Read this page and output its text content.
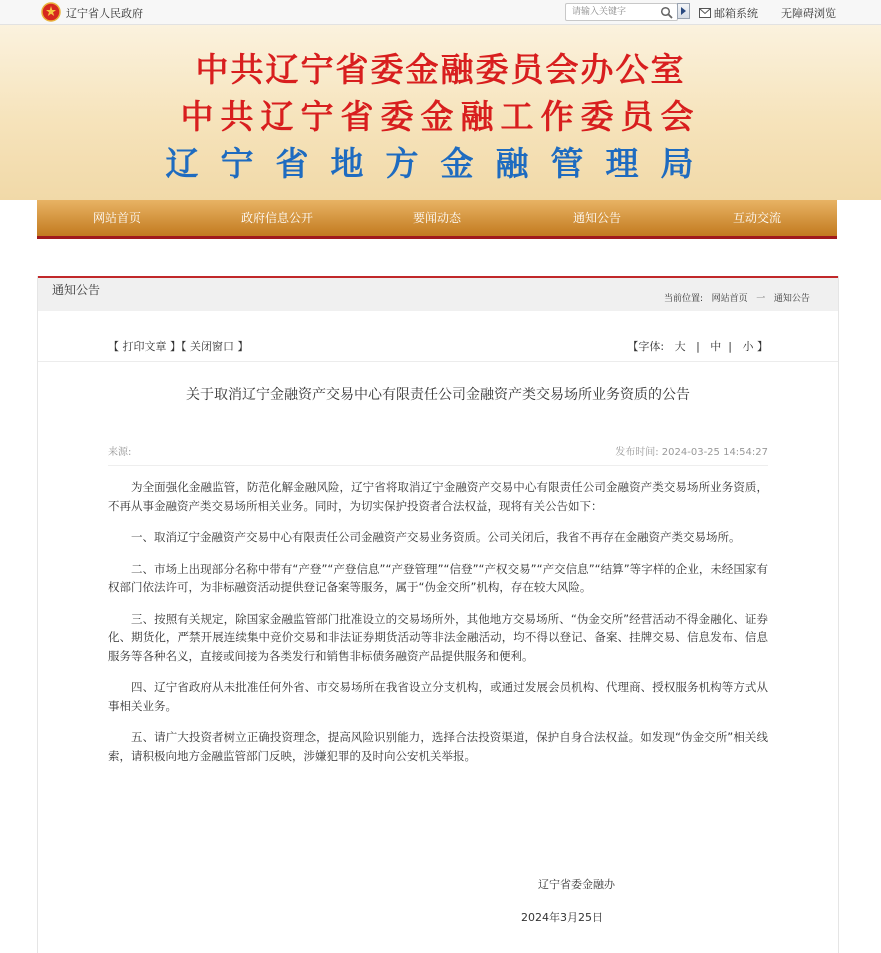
辽宁省人民政府
请输入关键字	邮箱系统 无障碍浏览
中共辽宁省委金融委员会办公室
中共辽宁省委金融工作委员会
辽宁省地方金融管理局
网站首页	政府信息公开	要闻动态	通知公告	互动交流
通知公告
当前位置: 网站首页 一 通知公告
【 打印文章 】【 关闭窗口 】	【字体: 大 | 中 | 小 】
关于取消辽宁金融资产交易中心有限责任公司金融资产类交易场所业务资质的公告
来源:	发布时间: 2024-03-25 14:54:27

为全面强化金融监管，防范化解金融风险，辽宁省将取消辽宁金融资产交易中心有限责任公司金融资产类交易场所业务资质，不再从事金融资产类交易场所相关业务。同时，为切实保护投资者合法权益，现将有关公告如下：

一、取消辽宁金融资产交易中心有限责任公司金融资产交易业务资质。公司关闭后，我省不再存在金融资产类交易场所。

二、市场上出现部分名称中带有“产登”“产登信息”“产登管理”“信登”“产权交易”“产交信息”“结算”等字样的企业，未经国家有权部门依法许可，为非标融资活动提供登记备案等服务，属于“伪金交所”机构，存在较大风险。

三、按照有关规定，除国家金融监管部门批准设立的交易场所外，其他地方交易场所、“伪金交所”经营活动不得金融化、证券化、期货化，严禁开展连续集中竞价交易和非法证券期货活动等非法金融活动，均不得以登记、备案、挂牌交易、信息发布、信息服务等各种名义，直接或间接为各类发行和销售非标债务融资产品提供服务和便利。

四、辽宁省政府从未批准任何外省、市交易场所在我省设立分支机构，或通过发展会员机构、代理商、授权服务机构等方式从事相关业务。

五、请广大投资者树立正确投资理念，提高风险识别能力，选择合法投资渠道，保护自身合法权益。如发现“伪金交所”相关线索，请积极向地方金融监管部门反映，涉嫌犯罪的及时向公安机关举报。

辽宁省委金融办
2024年3月25日
